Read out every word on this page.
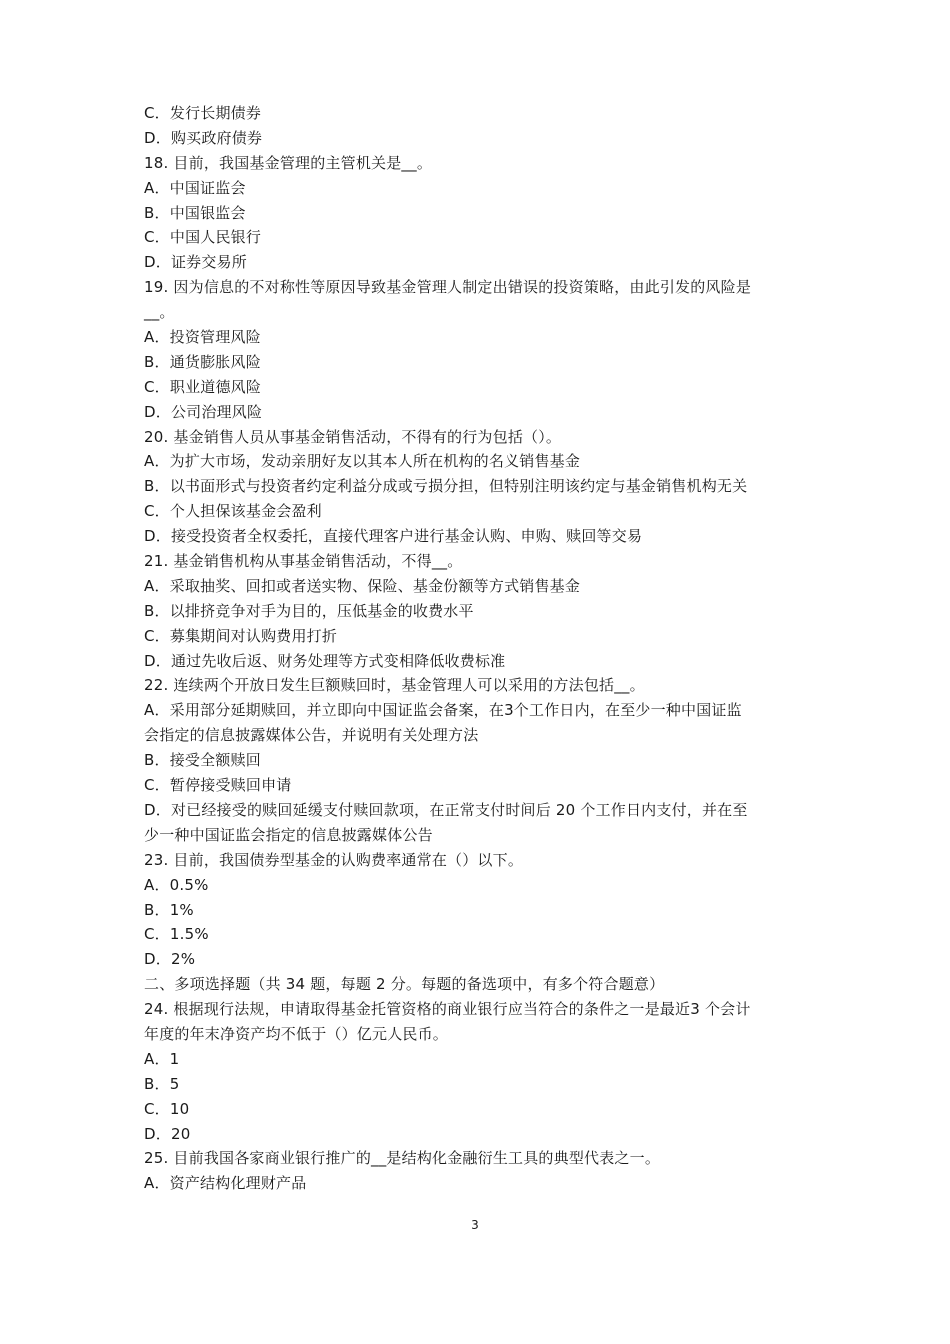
C．发行长期债券
D．购买政府债券
18. 目前，我国基金管理的主管机关是__。
A．中国证监会
B．中国银监会
C．中国人民银行
D．证券交易所
19. 因为信息的不对称性等原因导致基金管理人制定出错误的投资策略，由此引发的风险是
__。
A．投资管理风险
B．通货膨胀风险
C．职业道德风险
D．公司治理风险
20. 基金销售人员从事基金销售活动，不得有的行为包括（）。
A．为扩大市场，发动亲朋好友以其本人所在机构的名义销售基金
B．以书面形式与投资者约定利益分成或亏损分担，但特别注明该约定与基金销售机构无关
C．个人担保该基金会盈利
D．接受投资者全权委托，直接代理客户进行基金认购、申购、赎回等交易
21. 基金销售机构从事基金销售活动，不得__。
A．采取抽奖、回扣或者送实物、保险、基金份额等方式销售基金
B．以排挤竞争对手为目的，压低基金的收费水平
C．募集期间对认购费用打折
D．通过先收后返、财务处理等方式变相降低收费标准
22. 连续两个开放日发生巨额赎回时，基金管理人可以采用的方法包括__。
A．采用部分延期赎回，并立即向中国证监会备案，在3个工作日内，在至少一种中国证监
会指定的信息披露媒体公告，并说明有关处理方法
B．接受全额赎回
C．暂停接受赎回申请
D．对已经接受的赎回延缓支付赎回款项，在正常支付时间后 20 个工作日内支付，并在至
少一种中国证监会指定的信息披露媒体公告
23. 目前，我国债券型基金的认购费率通常在（）以下。
A．0.5%
B．1%
C．1.5%
D．2%
二、多项选择题（共 34 题，每题 2 分。每题的备选项中，有多个符合题意）
24. 根据现行法规，申请取得基金托管资格的商业银行应当符合的条件之一是最近3 个会计
年度的年末净资产均不低于（）亿元人民币。
A．1
B．5
C．10
D．20
25. 目前我国各家商业银行推广的__是结构化金融衍生工具的典型代表之一。
A．资产结构化理财产品
3
